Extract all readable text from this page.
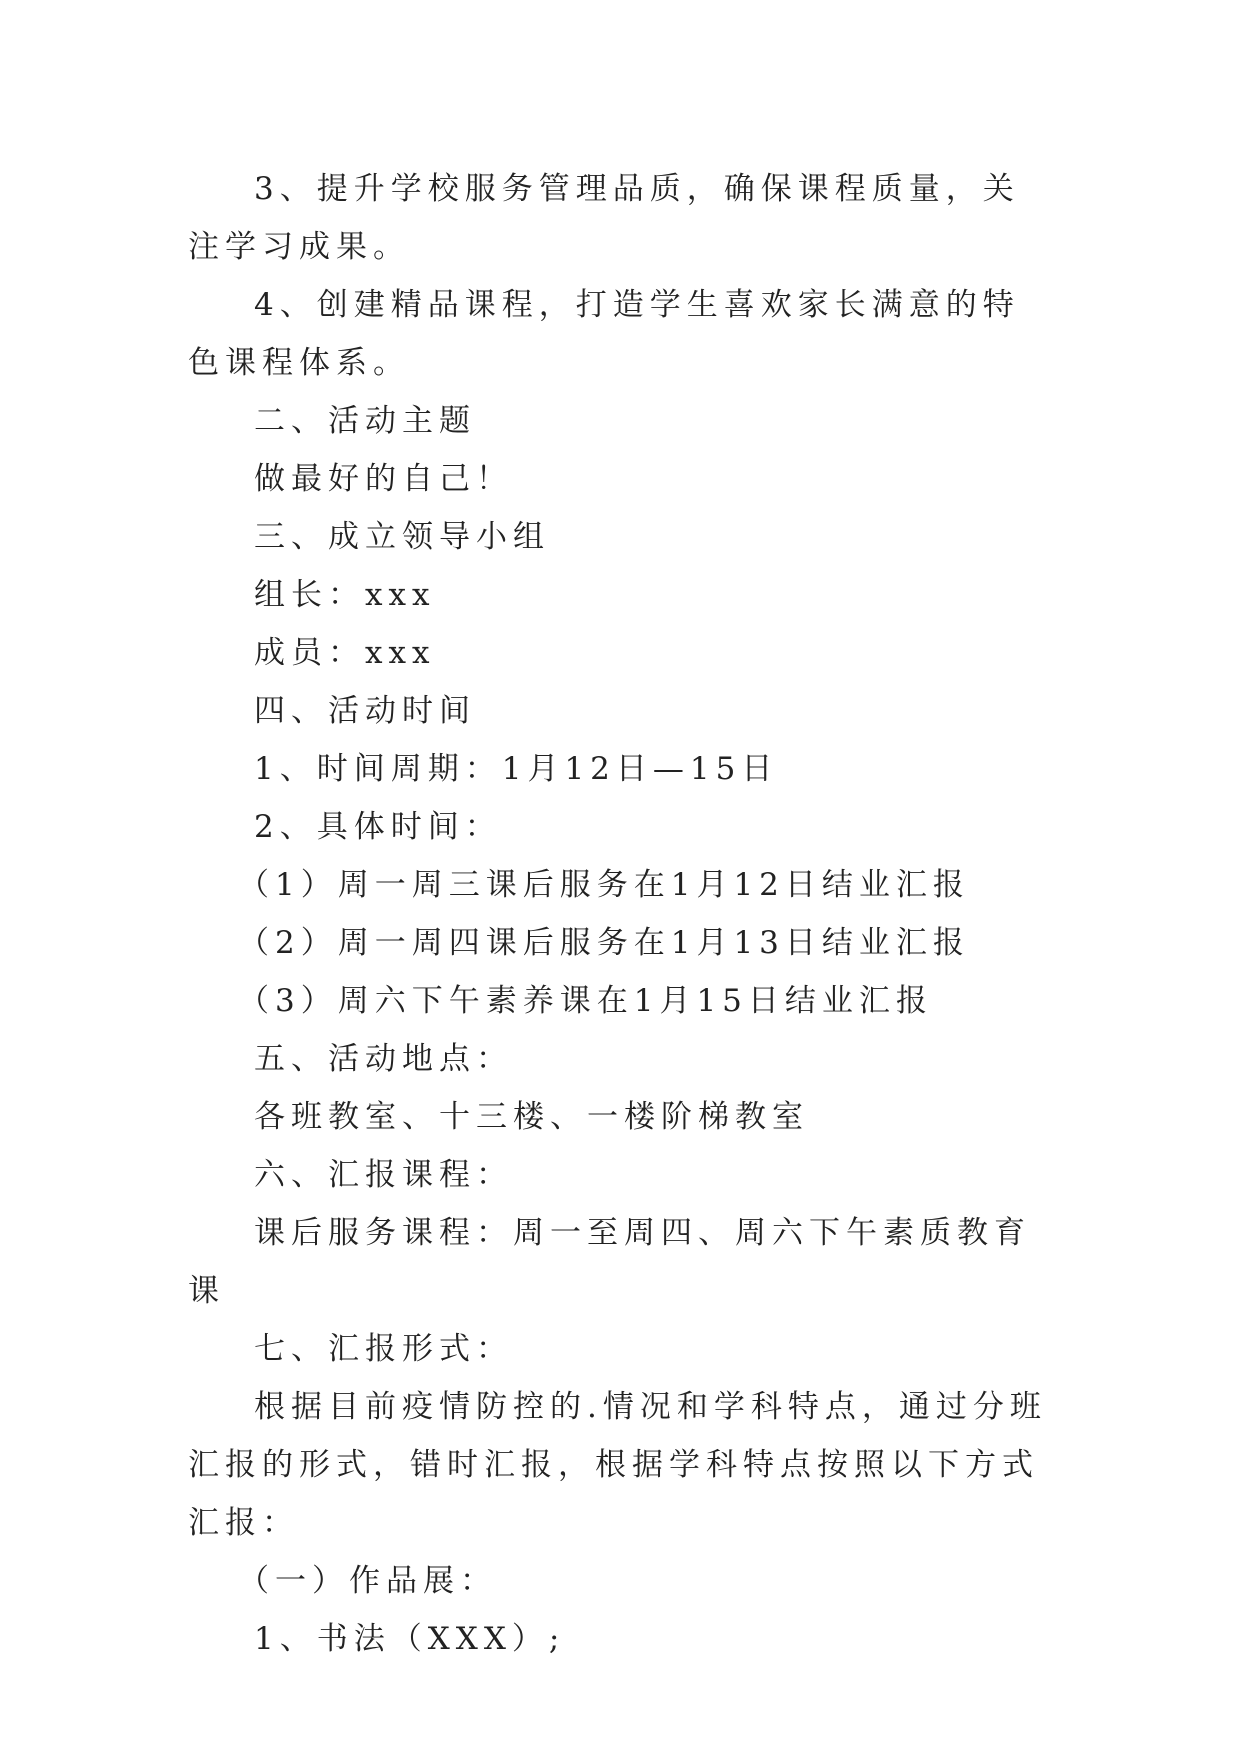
3、提升学校服务管理品质，确保课程质量，关注学习成果。

4、创建精品课程，打造学生喜欢家长满意的特色课程体系。

二、活动主题

做最好的自己！

三、成立领导小组

组长：xxx

成员：xxx

四、活动时间

1、时间周期：1月12日—15日

2、具体时间：

（1）周一周三课后服务在1月12日结业汇报

（2）周一周四课后服务在1月13日结业汇报

（3）周六下午素养课在1月15日结业汇报

五、活动地点：

各班教室、十三楼、一楼阶梯教室

六、汇报课程：

课后服务课程：周一至周四、周六下午素质教育课

七、汇报形式：

根据目前疫情防控的.情况和学科特点，通过分班汇报的形式，错时汇报，根据学科特点按照以下方式汇报：

（一）作品展：

1、书法（XXX）;
